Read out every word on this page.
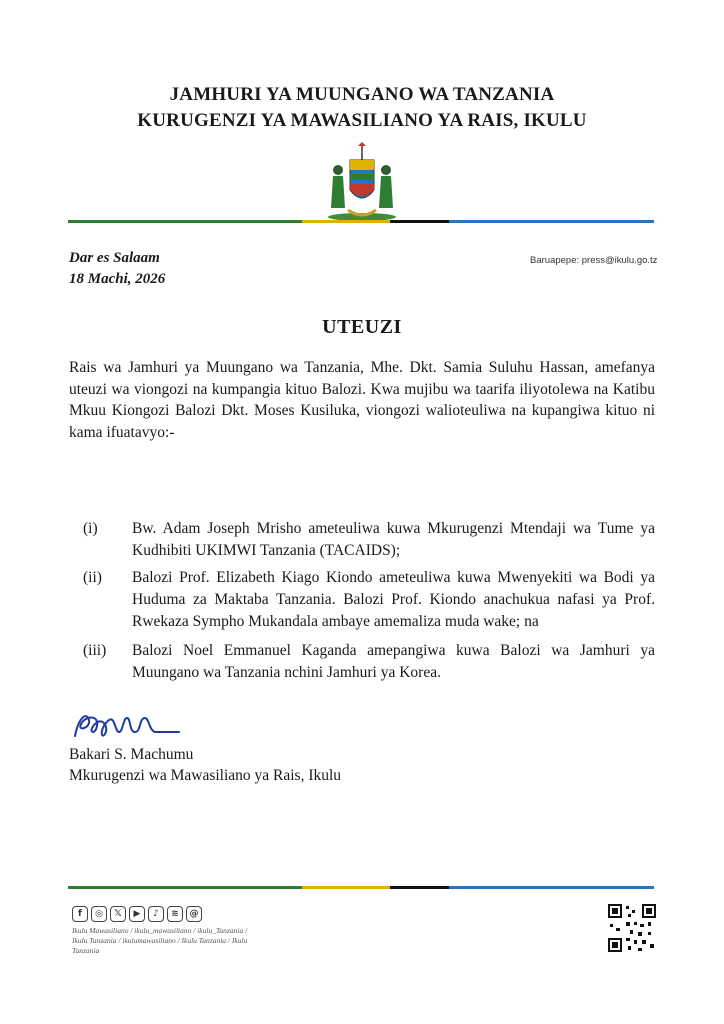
JAMHURI YA MUUNGANO WA TANZANIA
KURUGENZI YA MAWASILIANO YA RAIS, IKULU
Dar es Salaam
18 Machi, 2026
Baruapepe: press@ikulu.go.tz
UTEUZI
Rais wa Jamhuri ya Muungano wa Tanzania, Mhe. Dkt. Samia Suluhu Hassan, amefanya uteuzi wa viongozi na kumpangia kituo Balozi. Kwa mujibu wa taarifa iliyotolewa na Katibu Mkuu Kiongozi Balozi Dkt. Moses Kusiluka, viongozi walioteuliwa na kupangiwa kituo ni kama ifuatavyo:-
(i)	Bw. Adam Joseph Mrisho ameteuliwa kuwa Mkurugenzi Mtendaji wa Tume ya Kudhibiti UKIMWI Tanzania (TACAIDS);
(ii)	Balozi Prof. Elizabeth Kiago Kiondo ameteuliwa kuwa Mwenyekiti wa Bodi ya Huduma za Maktaba Tanzania. Balozi Prof. Kiondo anachukua nafasi ya Prof. Rwekaza Sympho Mukandala ambaye amemaliza muda wake; na
(iii)	Balozi Noel Emmanuel Kaganda amepangiwa kuwa Balozi wa Jamhuri ya Muungano wa Tanzania nchini Jamhuri ya Korea.
Bakari S. Machumu
Mkurugenzi wa Mawasiliano ya Rais, Ikulu
f	◎	𝕏	▶	♪	≋	@
Ikulu Mawasiliano / ikulu_mawasiliano / ikulu_Tanzania / Ikulu Tanzania / ikulumawasiliano / Ikulu Tanzania / Ikulu Tanzania
